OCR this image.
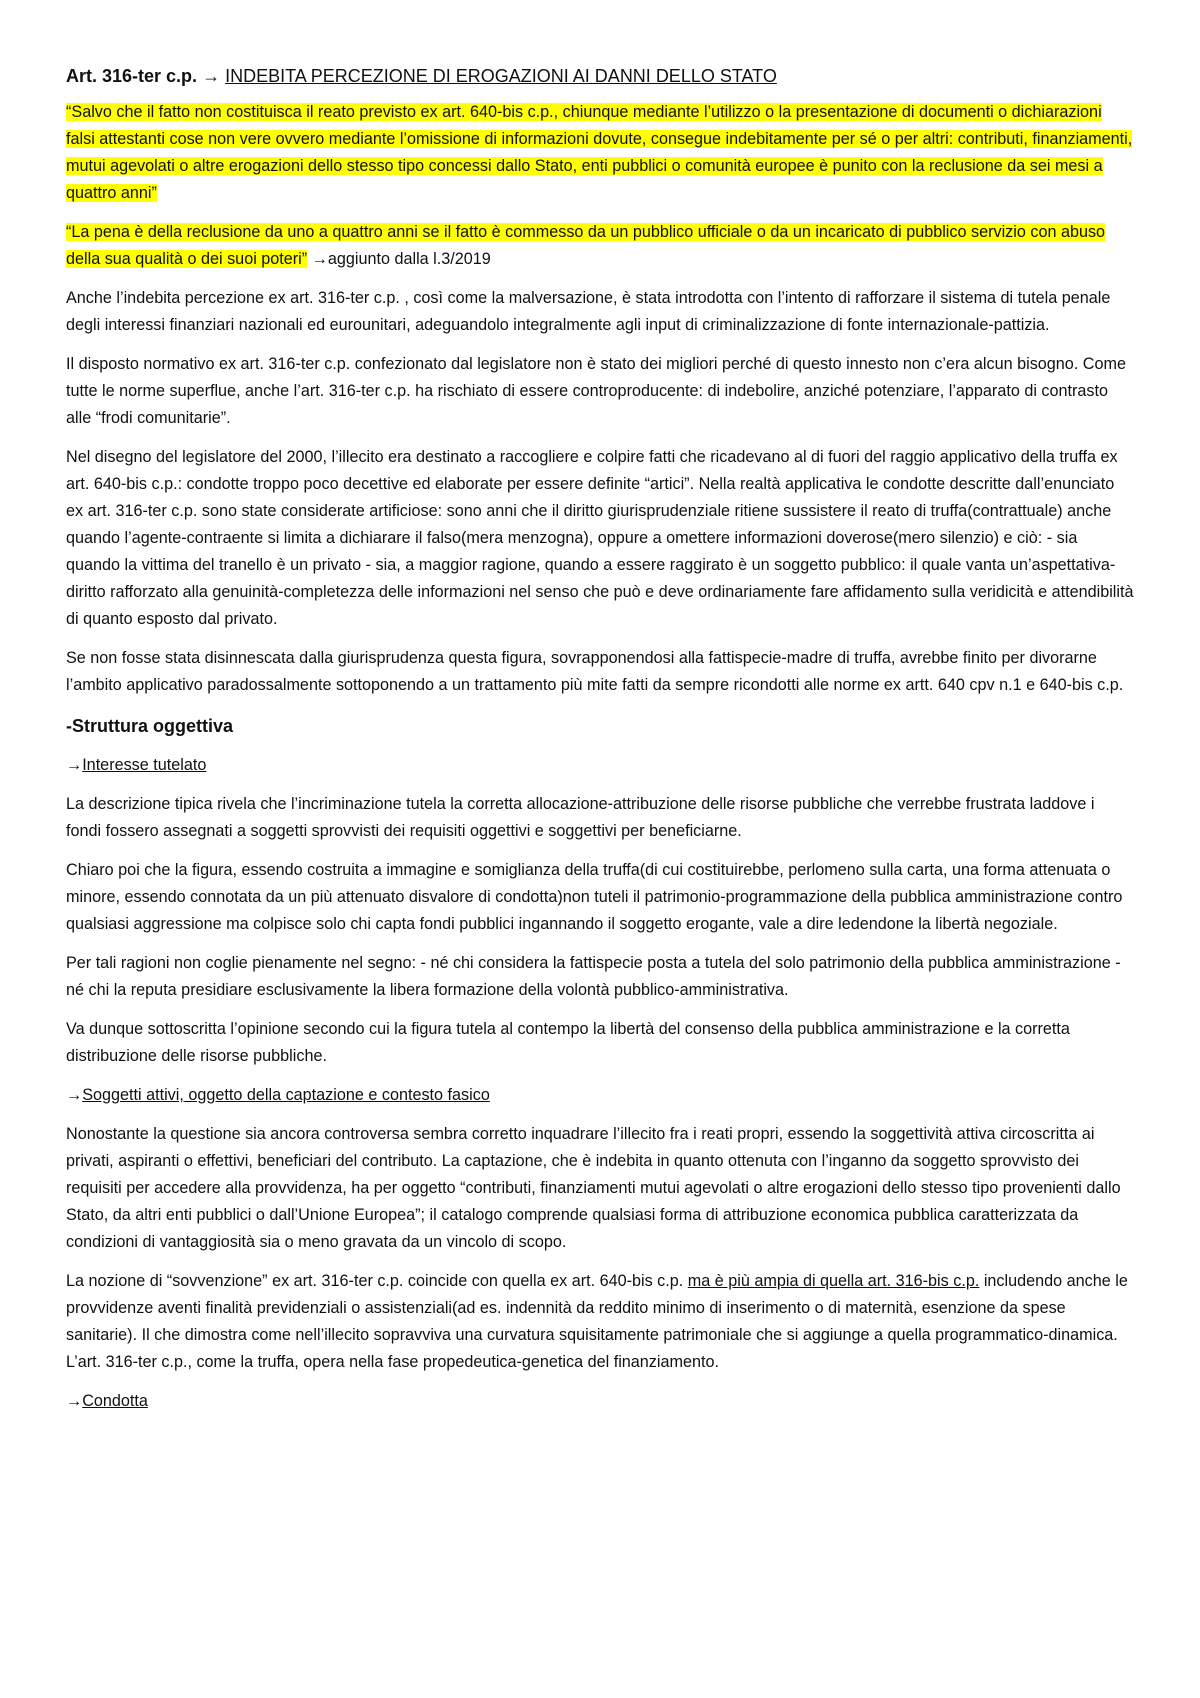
Art. 316-ter c.p. → INDEBITA PERCEZIONE DI EROGAZIONI AI DANNI DELLO STATO

“Salvo che il fatto non costituisca il reato previsto ex art. 640-bis c.p., chiunque mediante l’utilizzo o la presentazione di documenti o dichiarazioni falsi attestanti cose non vere ovvero mediante l’omissione di informazioni dovute, consegue indebitamente per sé o per altri: contributi, finanziamenti, mutui agevolati o altre erogazioni dello stesso tipo concessi dallo Stato, enti pubblici o comunità europee è punito con la reclusione da sei mesi a quattro anni”

“La pena è della reclusione da uno a quattro anni se il fatto è commesso da un pubblico ufficiale o da un incaricato di pubblico servizio con abuso della sua qualità o dei suoi poteri” →aggiunto dalla l.3/2019

Anche l’indebita percezione ex art. 316-ter c.p. , così come la malversazione, è stata introdotta con l’intento di rafforzare il sistema di tutela penale degli interessi finanziari nazionali ed eurounitari, adeguandolo integralmente agli input di criminalizzazione di fonte internazionale-pattizia.

Il disposto normativo ex art. 316-ter c.p. confezionato dal legislatore non è stato dei migliori perché di questo innesto non c’era alcun bisogno. Come tutte le norme superflue, anche l’art. 316-ter c.p. ha rischiato di essere controproducente: di indebolire, anziché potenziare, l’apparato di contrasto alle “frodi comunitarie”.

Nel disegno del legislatore del 2000, l’illecito era destinato a raccogliere e colpire fatti che ricadevano al di fuori del raggio applicativo della truffa ex art. 640-bis c.p.: condotte troppo poco decettive ed elaborate per essere definite “artici”. Nella realtà applicativa le condotte descritte dall’enunciato ex art. 316-ter c.p. sono state considerate artificiose: sono anni che il diritto giurisprudenziale ritiene sussistere il reato di truffa(contrattuale) anche quando l’agente-contraente si limita a dichiarare il falso(mera menzogna), oppure a omettere informazioni doverose(mero silenzio) e ciò: - sia quando la vittima del tranello è un privato - sia, a maggior ragione, quando a essere raggirato è un soggetto pubblico: il quale vanta un’aspettativa- diritto rafforzato alla genuinità-completezza delle informazioni nel senso che può e deve ordinariamente fare affidamento sulla veridicità e attendibilità di quanto esposto dal privato.

Se non fosse stata disinnescata dalla giurisprudenza questa figura, sovrapponendosi alla fattispecie-madre di truffa, avrebbe finito per divorarne l’ambito applicativo paradossalmente sottoponendo a un trattamento più mite fatti da sempre ricondotti alle norme ex artt. 640 cpv n.1 e 640-bis c.p.

-Struttura oggettiva
→Interesse tutelato

La descrizione tipica rivela che l’incriminazione tutela la corretta allocazione-attribuzione delle risorse pubbliche che verrebbe frustrata laddove i fondi fossero assegnati a soggetti sprovvisti dei requisiti oggettivi e soggettivi per beneficiarne.

Chiaro poi che la figura, essendo costruita a immagine e somiglianza della truffa(di cui costituirebbe, perlomeno sulla carta, una forma attenuata o minore, essendo connotata da un più attenuato disvalore di condotta)non tuteli il patrimonio-programmazione della pubblica amministrazione contro qualsiasi aggressione ma colpisce solo chi capta fondi pubblici ingannando il soggetto erogante, vale a dire ledendone la libertà negoziale.

Per tali ragioni non coglie pienamente nel segno: - né chi considera la fattispecie posta a tutela del solo patrimonio della pubblica amministrazione - né chi la reputa presidiare esclusivamente la libera formazione della volontà pubblico-amministrativa.

Va dunque sottoscritta l’opinione secondo cui la figura tutela al contempo la libertà del consenso della pubblica amministrazione e la corretta distribuzione delle risorse pubbliche.

→Soggetti attivi, oggetto della captazione e contesto fasico

Nonostante la questione sia ancora controversa sembra corretto inquadrare l’illecito fra i reati propri, essendo la soggettività attiva circoscritta ai privati, aspiranti o effettivi, beneficiari del contributo. La captazione, che è indebita in quanto ottenuta con l’inganno da soggetto sprovvisto dei requisiti per accedere alla provvidenza, ha per oggetto “contributi, finanziamenti mutui agevolati o altre erogazioni dello stesso tipo provenienti dallo Stato, da altri enti pubblici o dall’Unione Europea”; il catalogo comprende qualsiasi forma di attribuzione economica pubblica caratterizzata da condizioni di vantaggiosità sia o meno gravata da un vincolo di scopo.

La nozione di “sovvenzione” ex art. 316-ter c.p. coincide con quella ex art. 640-bis c.p. ma è più ampia di quella art. 316-bis c.p. includendo anche le provvidenze aventi finalità previdenziali o assistenziali(ad es. indennità da reddito minimo di inserimento o di maternità, esenzione da spese sanitarie). Il che dimostra come nell’illecito sopravviva una curvatura squisitamente patrimoniale che si aggiunge a quella programmatico-dinamica. L’art. 316-ter c.p., come la truffa, opera nella fase propedeutica-genetica del finanziamento.

→Condotta
